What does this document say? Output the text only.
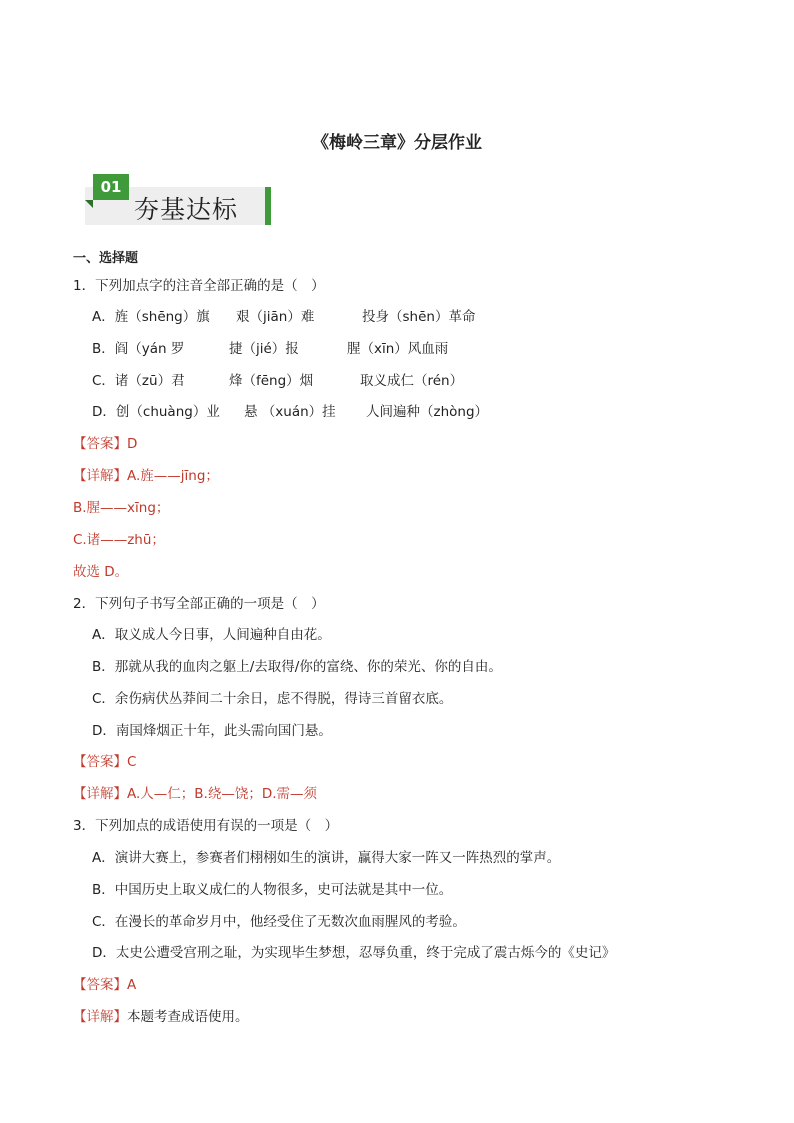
《梅岭三章》分层作业
01
夯基达标
一、选择题
1．下列加点字的注音全部正确的是（　）
A．旌（shēng）旗 艰（jiān）难	投身（shēn）革命
B．阎（yán 罗	捷（jié）报	腥（xīn）风血雨
C．诸（zū）君	烽（fēng）烟	取义成仁（rén）
D．创（chuàng）业 悬 （xuán）挂 人间遍种（zhòng）
【答案】D
【详解】A.旌——jīng；
B.腥——xīng；
C.诸——zhū；
故选 D。
2．下列句子书写全部正确的一项是（　）
A．取义成人今日事，人间遍种自由花。
B．那就从我的血肉之躯上/去取得/你的富绕、你的荣光、你的自由。
C．余伤病伏丛莽间二十余日，虑不得脱，得诗三首留衣底。
D．南国烽烟正十年，此头需向国门悬。
【答案】C
【详解】A.人—仁；B.绕—饶；D.需—须
3．下列加点的成语使用有误的一项是（　）
A．演讲大赛上，参赛者们栩栩如生的演讲，赢得大家一阵又一阵热烈的掌声。
B．中国历史上取义成仁的人物很多，史可法就是其中一位。
C．在漫长的革命岁月中，他经受住了无数次血雨腥风的考验。
D．太史公遭受宫刑之耻，为实现毕生梦想，忍辱负重，终于完成了震古烁今的《史记》
【答案】A
【详解】本题考查成语使用。
